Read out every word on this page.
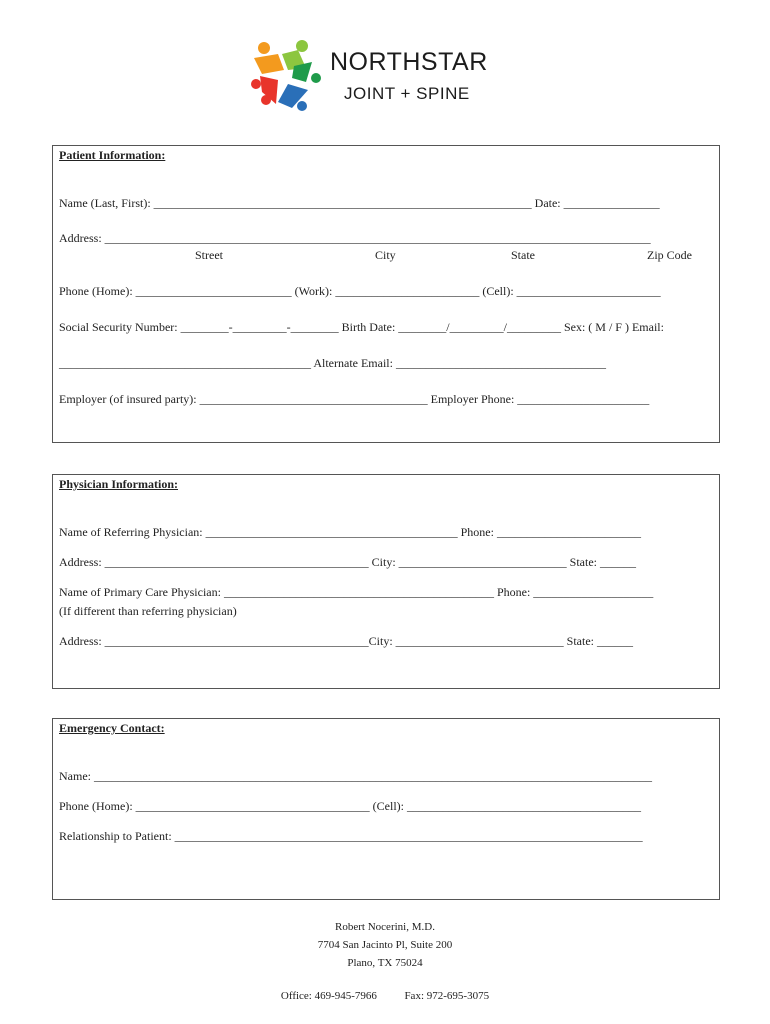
NORTHSTAR
JOINT + SPINE
Patient Information:
Name (Last, First): _______________________________________________________________ Date: ________________
Address: ___________________________________________________________________________________________
Street	City	State	Zip Code
Phone (Home): __________________________ (Work): ________________________ (Cell): ________________________
Social Security Number: ________-_________-________ Birth Date: ________/_________/_________ Sex: ( M / F ) Email:
__________________________________________ Alternate Email: ___________________________________
Employer (of insured party): ______________________________________ Employer Phone: ______________________
Physician Information:
Name of Referring Physician: __________________________________________ Phone: ________________________
Address: ____________________________________________ City: ____________________________ State: ______
Name of Primary Care Physician: _____________________________________________ Phone: ____________________
(If different than referring physician)
Address: ____________________________________________City: ____________________________ State: ______
Emergency Contact:
Name: _____________________________________________________________________________________________
Phone (Home): _______________________________________ (Cell): _______________________________________
Relationship to Patient: ______________________________________________________________________________
Robert Nocerini, M.D.
7704 San Jacinto Pl, Suite 200
Plano, TX 75024
Office: 469-945-7966	Fax: 972-695-3075
